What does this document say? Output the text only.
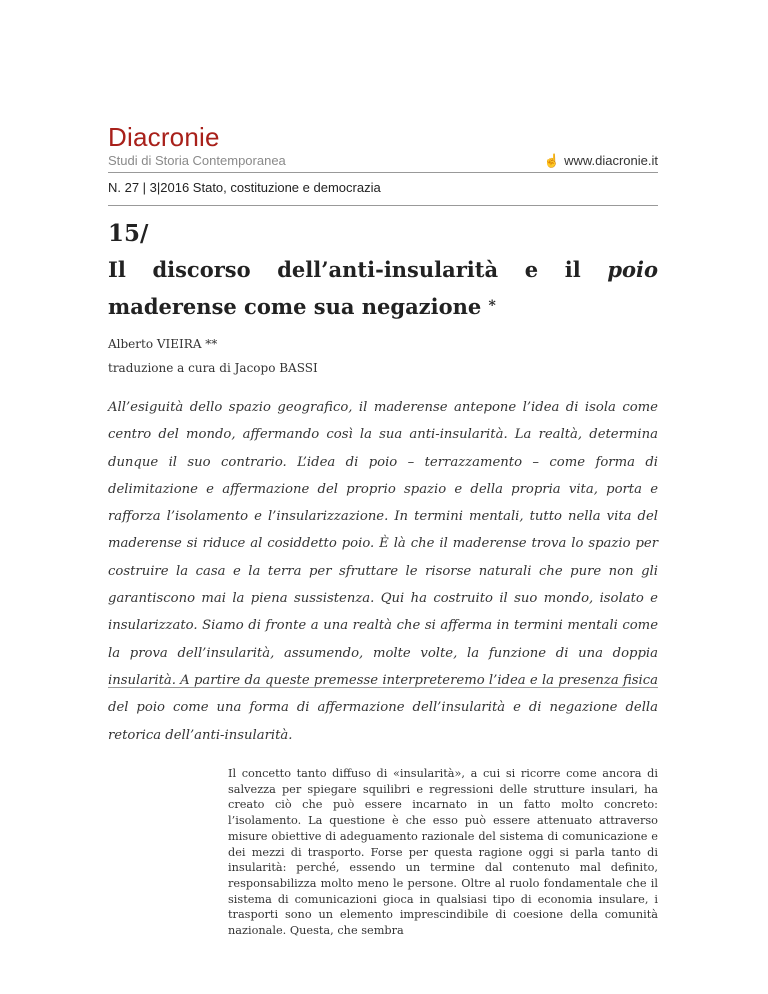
Diacronie
Studi di Storia Contemporanea	☝ www.diacronie.it
N. 27 | 3|2016 Stato, costituzione e democrazia
15/
Il discorso dell’anti-insularità e il poio
maderense come sua negazione *
Alberto VIEIRA **
traduzione a cura di Jacopo BASSI

All’esiguità dello spazio geografico, il maderense antepone l’idea di isola come centro del mondo, affermando così la sua anti-insularità. La realtà, determina dunque il suo contrario. L’idea di poio – terrazzamento – come forma di delimitazione e affermazione del proprio spazio e della propria vita, porta e rafforza l’isolamento e l’insularizzazione. In termini mentali, tutto nella vita del maderense si riduce al cosiddetto poio. È là che il maderense trova lo spazio per costruire la casa e la terra per sfruttare le risorse naturali che pure non gli garantiscono mai la piena sussistenza. Qui ha costruito il suo mondo, isolato e insularizzato. Siamo di fronte a una realtà che si afferma in termini mentali come la prova dell’insularità, assumendo, molte volte, la funzione di una doppia insularità. A partire da queste premesse interpreteremo l’idea e la presenza fisica del poio come una forma di affermazione dell’insularità e di negazione della retorica dell’anti-insularità.

Il concetto tanto diffuso di «insularità», a cui si ricorre come ancora di salvezza per spiegare squilibri e regressioni delle strutture insulari, ha creato ciò che può essere incarnato in un fatto molto concreto: l’isolamento. La questione è che esso può essere attenuato attraverso misure obiettive di adeguamento razionale del sistema di comunicazione e dei mezzi di trasporto. Forse per questa ragione oggi si parla tanto di insularità: perché, essendo un termine dal contenuto mal definito, responsabilizza molto meno le persone. Oltre al ruolo fondamentale che il sistema di comunicazioni gioca in qualsiasi tipo di economia insulare, i trasporti sono un elemento imprescindibile di coesione della comunità nazionale. Questa, che sembra
